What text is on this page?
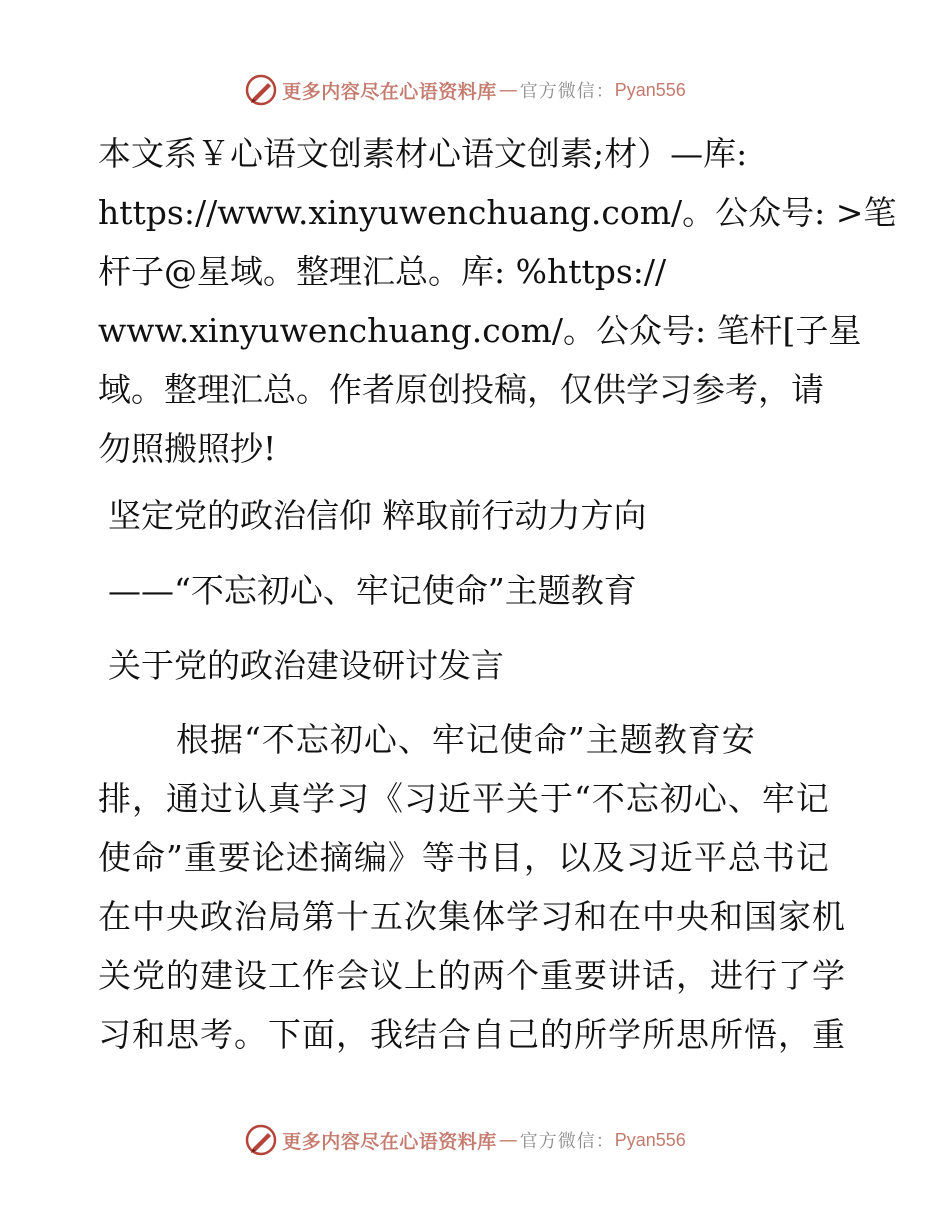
更多内容尽在心语资料库 — 官方微信： Pyan556
本文系￥心语文创素材心语文创素;材）—库:
https://www.xinyuwenchuang.com/。公众号: >笔
杆子@星域。整理汇总。库: %https://
www.xinyuwenchuang.com/。公众号: 笔杆[子星
域。整理汇总。作者原创投稿，仅供学习参考，请
勿照搬照抄!
坚定党的政治信仰 粹取前行动力方向
——“不忘初心、牢记使命”主题教育
关于党的政治建设研讨发言
根据“不忘初心、牢记使命”主题教育安
排，通过认真学习《习近平关于“不忘初心、牢记
使命”重要论述摘编》等书目，以及习近平总书记
在中央政治局第十五次集体学习和在中央和国家机
关党的建设工作会议上的两个重要讲话，进行了学
习和思考。下面，我结合自己的所学所思所悟，重
更多内容尽在心语资料库 — 官方微信： Pyan556
